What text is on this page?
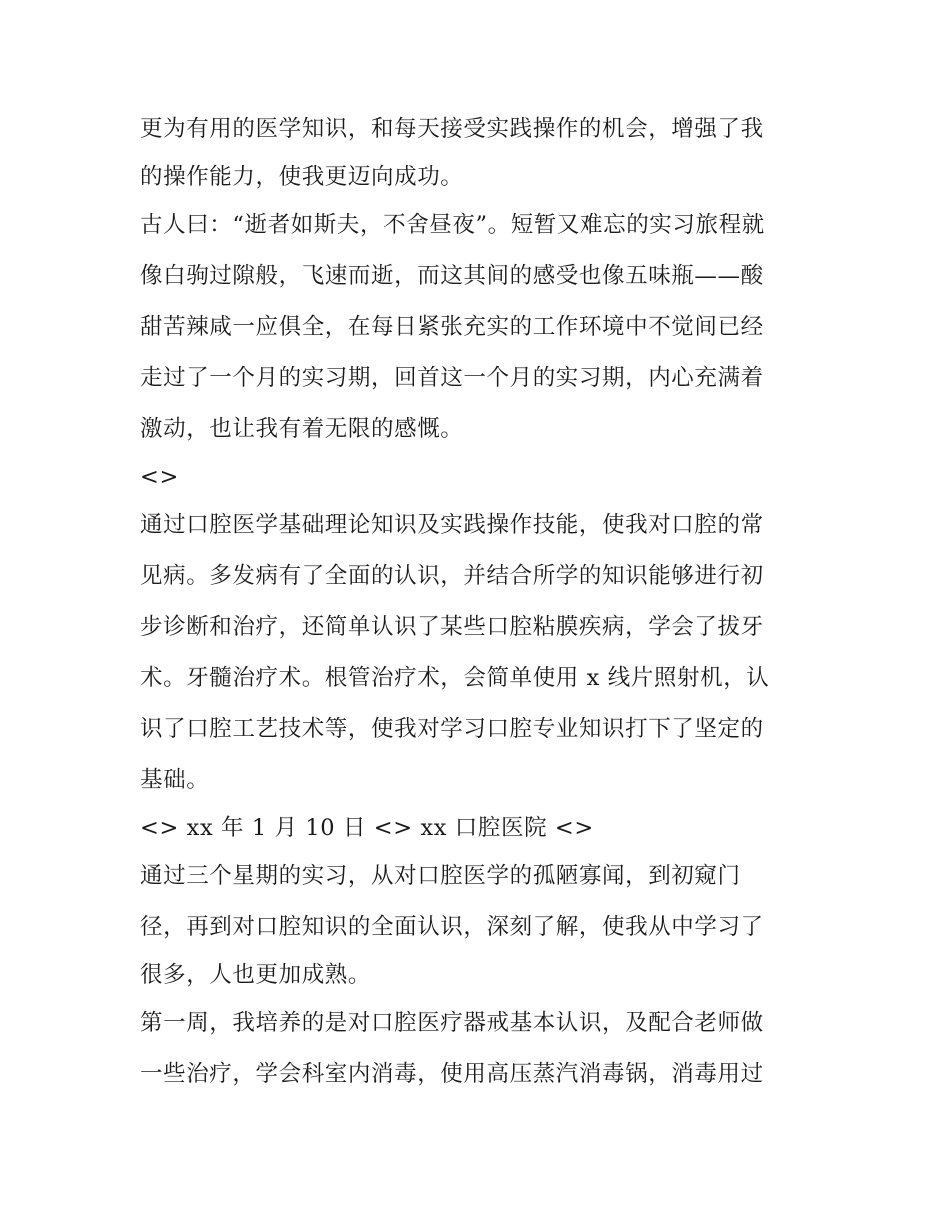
更为有用的医学知识，和每天接受实践操作的机会，增强了我
的操作能力，使我更迈向成功。
古人曰：“逝者如斯夫，不舍昼夜”。短暂又难忘的实习旅程就
像白驹过隙般，飞速而逝，而这其间的感受也像五味瓶——酸
甜苦辣咸一应俱全，在每日紧张充实的工作环境中不觉间已经
走过了一个月的实习期，回首这一个月的实习期，内心充满着
激动，也让我有着无限的感慨。
<>
通过口腔医学基础理论知识及实践操作技能，使我对口腔的常
见病。多发病有了全面的认识，并结合所学的知识能够进行初
步诊断和治疗，还简单认识了某些口腔粘膜疾病，学会了拔牙
术。牙髓治疗术。根管治疗术，会简单使用 x 线片照射机，认
识了口腔工艺技术等，使我对学习口腔专业知识打下了坚定的
基础。
<> xx 年 1 月 10 日 <> xx 口腔医院 <>
通过三个星期的实习，从对口腔医学的孤陋寡闻，到初窥门
径，再到对口腔知识的全面认识，深刻了解，使我从中学习了
很多，人也更加成熟。
第一周，我培养的是对口腔医疗器戒基本认识，及配合老师做
一些治疗，学会科室内消毒，使用高压蒸汽消毒锅，消毒用过
